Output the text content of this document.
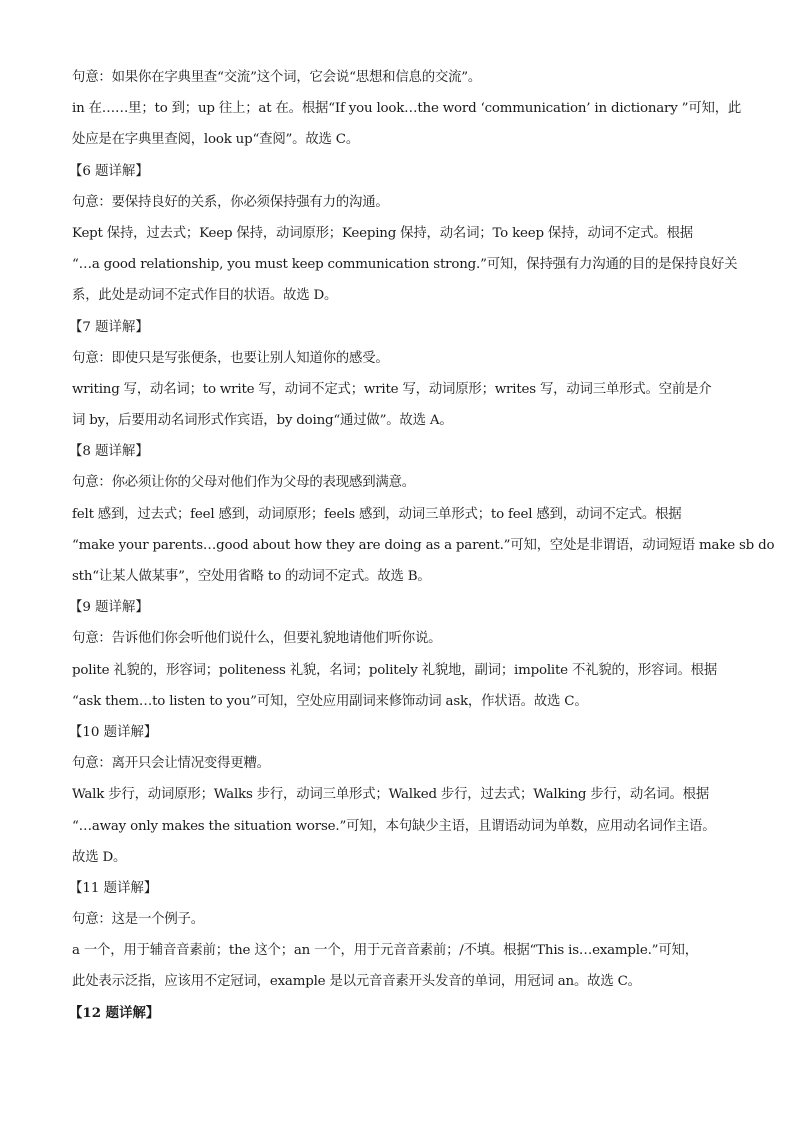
句意：如果你在字典里查“交流”这个词，它会说“思想和信息的交流”。
in 在……里；to 到；up 往上；at 在。根据“If you look…the word ‘communication’ in dictionary ”可知，此
处应是在字典里查阅，look up“查阅”。故选 C。
【6 题详解】
句意：要保持良好的关系，你必须保持强有力的沟通。
Kept 保持，过去式；Keep 保持，动词原形；Keeping 保持，动名词；To keep 保持，动词不定式。根据
“…a good relationship, you must keep communication strong.”可知，保持强有力沟通的目的是保持良好关
系，此处是动词不定式作目的状语。故选 D。
【7 题详解】
句意：即使只是写张便条，也要让别人知道你的感受。
writing 写，动名词；to write 写，动词不定式；write 写，动词原形；writes 写，动词三单形式。空前是介
词 by，后要用动名词形式作宾语，by doing“通过做”。故选 A。
【8 题详解】
句意：你必须让你的父母对他们作为父母的表现感到满意。
felt 感到，过去式；feel 感到，动词原形；feels 感到，动词三单形式；to feel 感到，动词不定式。根据
“make your parents…good about how they are doing as a parent.”可知，空处是非谓语，动词短语 make sb do
sth“让某人做某事”，空处用省略 to 的动词不定式。故选 B。
【9 题详解】
句意：告诉他们你会听他们说什么，但要礼貌地请他们听你说。
polite 礼貌的，形容词；politeness 礼貌，名词；politely 礼貌地，副词；impolite 不礼貌的，形容词。根据
“ask them…to listen to you”可知，空处应用副词来修饰动词 ask，作状语。故选 C。
【10 题详解】
句意：离开只会让情况变得更糟。
Walk 步行，动词原形；Walks 步行，动词三单形式；Walked 步行，过去式；Walking 步行，动名词。根据
“…away only makes the situation worse.”可知，本句缺少主语，且谓语动词为单数，应用动名词作主语。
故选 D。
【11 题详解】
句意：这是一个例子。
a 一个，用于辅音音素前；the 这个；an 一个，用于元音音素前；/不填。根据“This is…example.”可知，
此处表示泛指，应该用不定冠词，example 是以元音音素开头发音的单词，用冠词 an。故选 C。
【12 题详解】
